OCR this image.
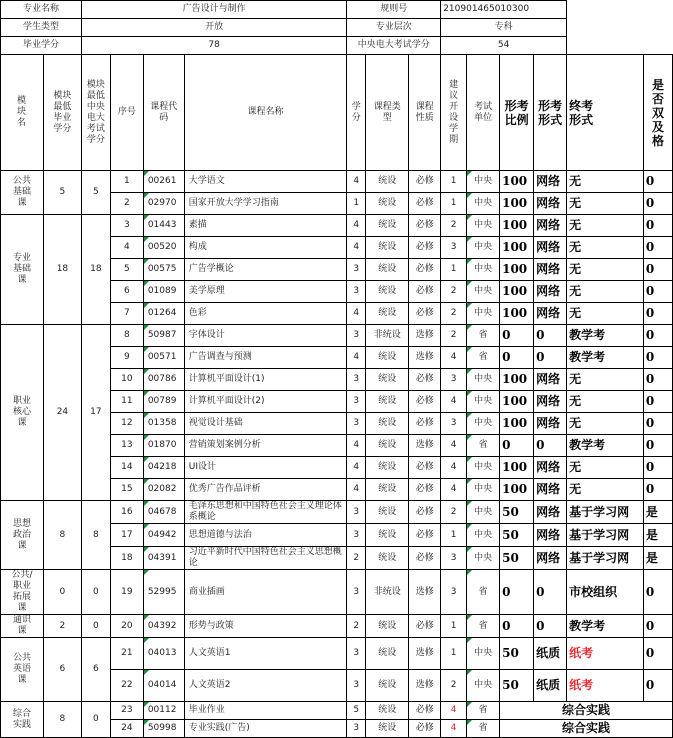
专业名称		广告设计与制作				规则号			210901465010300					
学生类型		开放				专业层次			专科					
毕业学分		78				中央电大考试学分			54					

模块名	模块最低毕业学分	模块最低中央电大考试学分	序号	课程代码	课程名称	学分	课程类型	课程性质	建议开设学期	考试单位	形考比例	形考形式	终考形式	是否双及格

公共基础课	5	5	1	00261	大学语文	4	统设	必修	1	中央	100	网络	无	0
			2	02970	国家开放大学学习指南	1	统设	必修	1	中央	100	网络	无	0

专业基础课	18	18	3	01443	素描	4	统设	必修	2	中央	100	网络	无	0
			4	00520	构成	4	统设	必修	3	中央	100	网络	无	0
			5	00575	广告学概论	3	统设	必修	1	中央	100	网络	无	0
			6	01089	美学原理	3	统设	必修	2	中央	100	网络	无	0
			7	01264	色彩	4	统设	必修	2	中央	100	网络	无	0

职业核心课	24	17	8	50987	字体设计	3	非统设	选修	2	省	0	0	教学考	0
			9	00571	广告调查与预测	4	统设	选修	4	省	0	0	教学考	0
			10	00786	计算机平面设计(1)	3	统设	必修	3	中央	100	网络	无	0
			11	00789	计算机平面设计(2)	3	统设	必修	4	中央	100	网络	无	0
			12	01358	视觉设计基础	3	统设	必修	3	中央	100	网络	无	0
			13	01870	营销策划案例分析	4	统设	选修	4	省	0	0	教学考	0
			14	04218	UI设计	4	统设	必修	4	中央	100	网络	无	0
			15	02082	优秀广告作品评析	4	统设	必修	4	中央	100	网络	无	0

思想政治课	8	8	16	04678	毛泽东思想和中国特色社会主义理论体系概论	3	统设	必修	2	中央	50	网络	基于学习网	是
			17	04942	思想道德与法治	3	统设	必修	1	中央	50	网络	基于学习网	是
			18	04391	习近平新时代中国特色社会主义思想概论	2	统设	必修	3	中央	50	网络	基于学习网	是

公共/职业拓展课	0	0	19	52995	商业插画	3	非统设	选修	3	省	0	0	市校组织	0

通识课	2	0	20	04392	形势与政策	2	统设	必修	1	省	0	0	教学考	0

公共英语课	6	6	21	04013	人文英语1	3	统设	选修	1	中央	50	纸质	纸考	0
			22	04014	人文英语2	3	统设	选修	2	中央	50	纸质	纸考	0

综合实践	8	0	23	00112	毕业作业	5	统设	必修	4	省	综合实践			
			24	50998	专业实践(广告)	3	统设	必修	4	省	综合实践			
